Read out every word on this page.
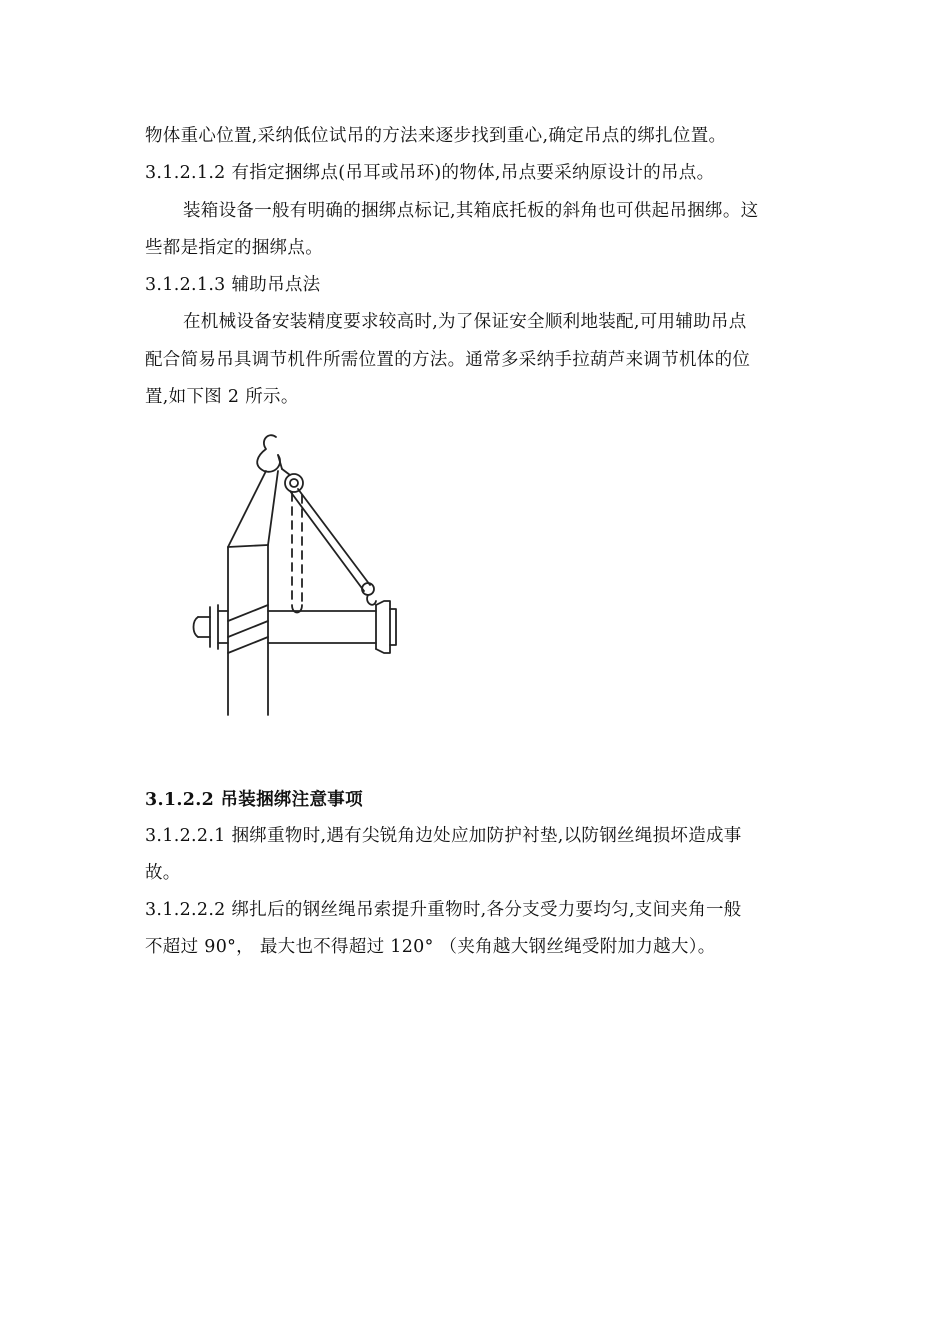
物体重心位置,采纳低位试吊的方法来逐步找到重心,确定吊点的绑扎位置。
3.1.2.1.2 有指定捆绑点(吊耳或吊环)的物体,吊点要采纳原设计的吊点。
装箱设备一般有明确的捆绑点标记,其箱底托板的斜角也可供起吊捆绑。这
些都是指定的捆绑点。
3.1.2.1.3 辅助吊点法
在机械设备安装精度要求较高时,为了保证安全顺利地装配,可用辅助吊点
配合简易吊具调节机件所需位置的方法。通常多采纳手拉葫芦来调节机体的位
置,如下图 2 所示。
3.1.2.2 吊装捆绑注意事项
3.1.2.2.1 捆绑重物时,遇有尖锐角边处应加防护衬垫,以防钢丝绳损坏造成事
故。
3.1.2.2.2 绑扎后的钢丝绳吊索提升重物时,各分支受力要均匀,支间夹角一般
不超过 90°， 最大也不得超过 120° （夹角越大钢丝绳受附加力越大）。
